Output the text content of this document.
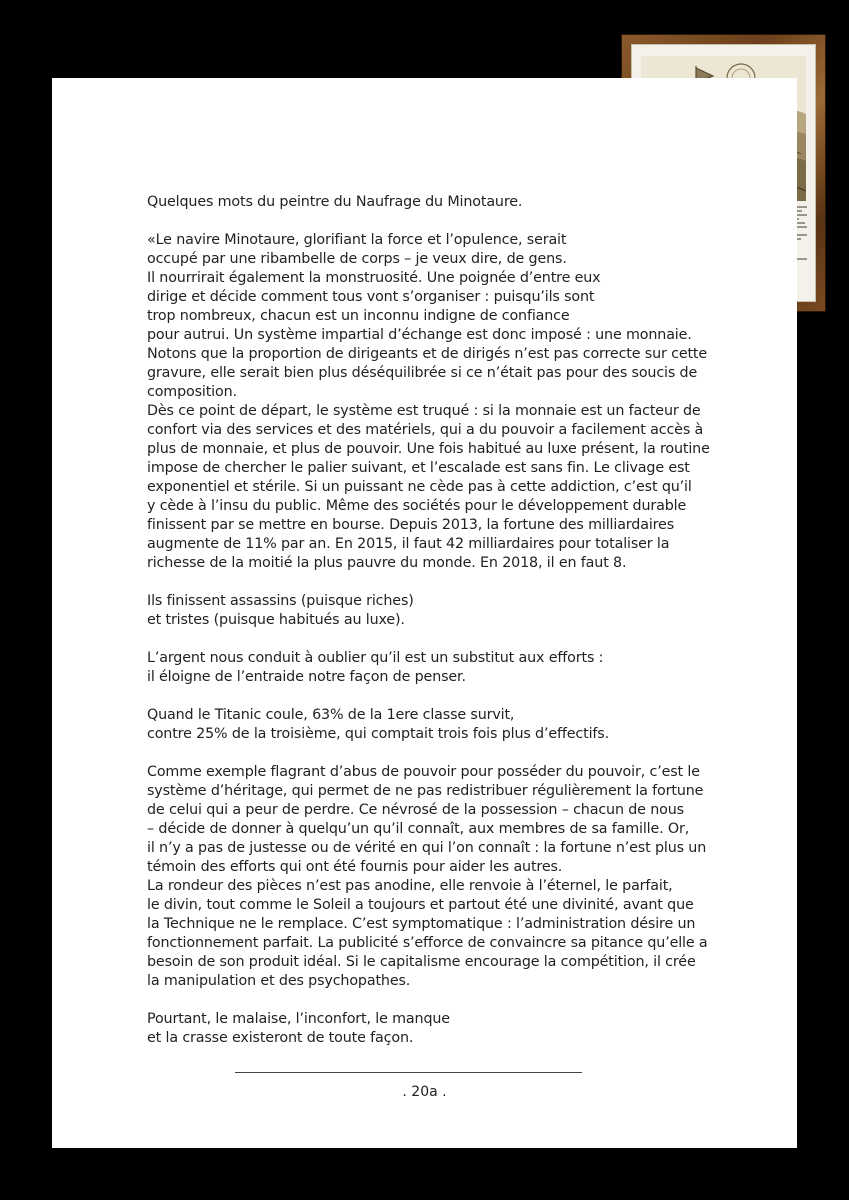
Quelques mots du peintre du Naufrage du Minotaure.
«Le navire Minotaure, glorifiant la force et l’opulence, serait
occupé par une ribambelle de corps – je veux dire, de gens.
Il nourrirait également la monstruosité. Une poignée d’entre eux
dirige et décide comment tous vont s’organiser : puisqu’ils sont
trop nombreux, chacun est un inconnu indigne de confiance
pour autrui. Un système impartial d’échange est donc imposé : une monnaie.
Notons que la proportion de dirigeants et de dirigés n’est pas correcte sur cette
gravure, elle serait bien plus déséquilibrée si ce n’était pas pour des soucis de
composition.
Dès ce point de départ, le système est truqué : si la monnaie est un facteur de
confort via des services et des matériels, qui a du pouvoir a facilement accès à
plus de monnaie, et plus de pouvoir. Une fois habitué au luxe présent, la routine
impose de chercher le palier suivant, et l’escalade est sans fin. Le clivage est
exponentiel et stérile. Si un puissant ne cède pas à cette addiction, c’est qu’il
y cède à l’insu du public. Même des sociétés pour le développement durable
finissent par se mettre en bourse. Depuis 2013, la fortune des milliardaires
augmente de 11% par an. En 2015, il faut 42 milliardaires pour totaliser la
richesse de la moitié la plus pauvre du monde. En 2018, il en faut 8.
Ils finissent assassins (puisque riches)
et tristes (puisque habitués au luxe).
L’argent nous conduit à oublier qu’il est un substitut aux efforts :
il éloigne de l’entraide notre façon de penser.
Quand le Titanic coule, 63% de la 1ere classe survit,
contre 25% de la troisième, qui comptait trois fois plus d’effectifs.
Comme exemple flagrant d’abus de pouvoir pour posséder du pouvoir, c’est le
système d’héritage, qui permet de ne pas redistribuer régulièrement la fortune
de celui qui a peur de perdre. Ce névrosé de la possession – chacun de nous
– décide de donner à quelqu’un qu’il connaît, aux membres de sa famille. Or,
il n’y a pas de justesse ou de vérité en qui l’on connaît : la fortune n’est plus un
témoin des efforts qui ont été fournis pour aider les autres.
La rondeur des pièces n’est pas anodine, elle renvoie à l’éternel, le parfait,
le divin, tout comme le Soleil a toujours et partout été une divinité, avant que
la Technique ne le remplace. C’est symptomatique : l’administration désire un
fonctionnement parfait. La publicité s’efforce de convaincre sa pitance qu’elle a
besoin de son produit idéal. Si le capitalisme encourage la compétition, il crée
la manipulation et des psychopathes.
Pourtant, le malaise, l’inconfort, le manque
et la crasse existeront de toute façon.
. 20a .
